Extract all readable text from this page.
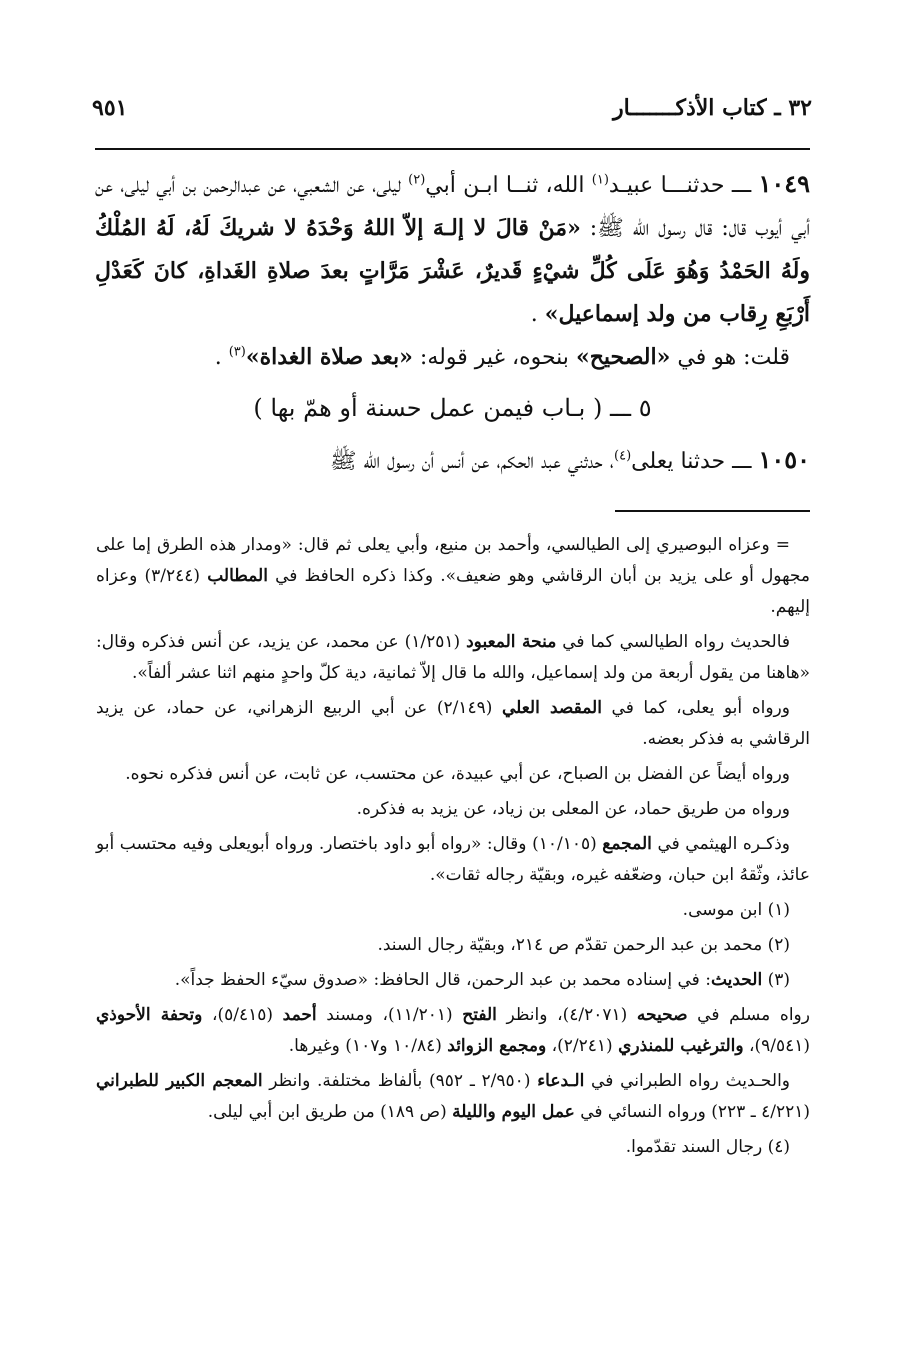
٩٥١	٣٢ ـ كتاب الأذكـــــــار

١٠٤٩ ـــ حدثنـــا عبيـد$^{(١)}$ الله، ثنــا ابـن أبي$^{(٢)}$ ليلى، عن الشعبي، عن عبدالرحمن بن أبي ليلى، عن أبي أيوب قال: قال رسول الله ﷺ: «مَنْ قالَ لا إلـهَ إلاّ اللهُ وَحْدَهُ لا شريكَ لَهُ، لَهُ المُلْكُ ولَهُ الحَمْدُ وَهُوَ عَلَى كُلِّ شيْءٍ قَديرٌ، عَشْرَ مَرَّاتٍ بعدَ صلاةِ الغَداةِ، كانَ كَعَدْلِ أَرْبَعِ رِقاب من ولد إسماعيل» .

قلت: هو في «الصحيح» بنحوه، غير قوله: «بعد صلاة الغداة»$^{(٣)}$ .

٥ ـــ ( بـاب فيمن عمل حسنة أو همّ بها )

١٠٥٠ ـــ حدثنا يعلى$^{(٤)}$، حدثني عبد الحكم، عن أنس أن رسول الله ﷺ

= وعزاه البوصيري إلى الطيالسي، وأحمد بن منيع، وأبي يعلى ثم قال: «ومدار هذه الطرق إما على مجهول أو على يزيد بن أبان الرقاشي وهو ضعيف». وكذا ذكره الحافظ في المطالب (٣/٢٤٤) وعزاه إليهم.

فالحديث رواه الطيالسي كما في منحة المعبود (١/٢٥١) عن محمد، عن يزيد، عن أنس فذكره وقال: «هاهنا من يقول أربعة من ولد إسماعيل، والله ما قال إلاّ ثمانية، دية كلّ واحدٍ منهم اثنا عشر ألفاً».

ورواه أبو يعلى، كما في المقصد العلي (٢/١٤٩) عن أبي الربيع الزهراني، عن حماد، عن يزيد الرقاشي به فذكر بعضه.

ورواه أيضاً عن الفضل بن الصباح، عن أبي عبيدة، عن محتسب، عن ثابت، عن أنس فذكره نحوه.

ورواه من طريق حماد، عن المعلى بن زياد، عن يزيد به فذكره.

وذكـره الهيثمي في المجمع (١٠/١٠٥) وقال: «رواه أبو داود باختصار. ورواه أبويعلى وفيه محتسب أبو عائذ، وثّقهُ ابن حبان، وضعّفه غيره، وبقيّة رجاله ثقات».

(١) ابن موسى.

(٢) محمد بن عبد الرحمن تقدّم ص ٢١٤، وبقيّة رجال السند.

(٣) الحديث: في إسناده محمد بن عبد الرحمن، قال الحافظ: «صدوق سيّء الحفظ جداً».

رواه مسلم في صحيحه (٤/٢٠٧١)، وانظر الفتح (١١/٢٠١)، ومسند أحمد (٥/٤١٥)، وتحفة الأحوذي (٩/٥٤١)، والترغيب للمنذري (٢/٢٤١)، ومجمع الزوائد (١٠/٨٤ و١٠٧) وغيرها.

والحـديث رواه الطبراني في الـدعاء (٢/٩٥٠ ـ ٩٥٢) بألفاظ مختلفة. وانظر المعجم الكبير للطبراني (٤/٢٢١ ـ ٢٢٣) ورواه النسائي في عمل اليوم والليلة (ص ١٨٩) من طريق ابن أبي ليلى.

(٤) رجال السند تقدّموا.
